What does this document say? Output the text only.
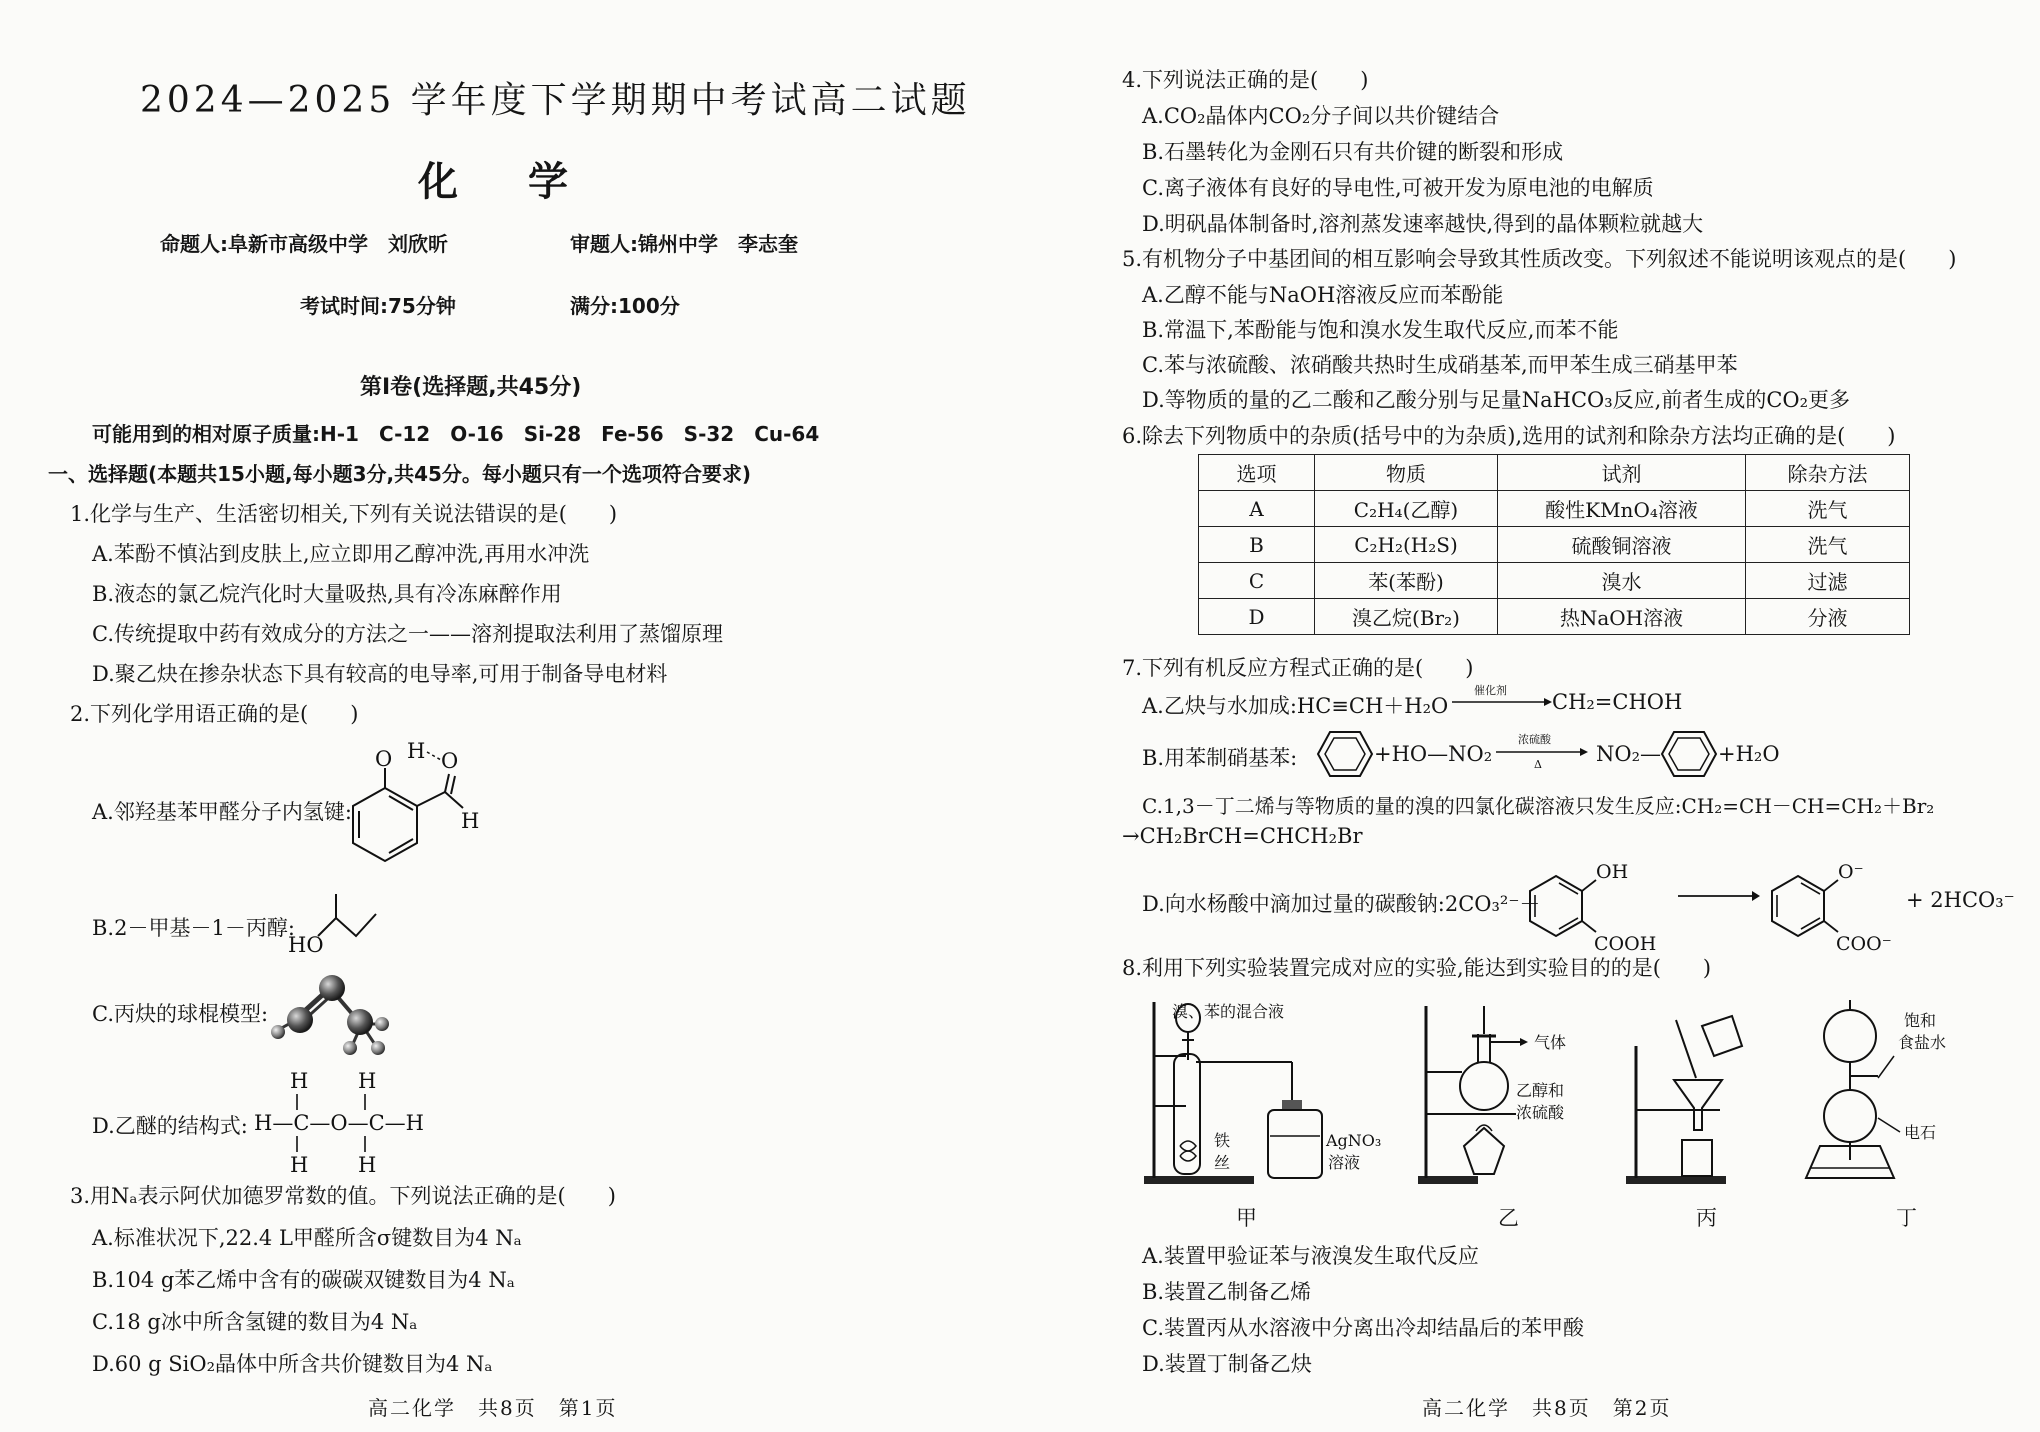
2024—2025 学年度下学期期中考试高二试题
化学
命题人:阜新市高级中学　刘欣昕	审题人:锦州中学　李志奎
考试时间:75分钟	满分:100分
第Ⅰ卷(选择题,共45分)
可能用到的相对原子质量:H-1　C-12　O-16　Si-28　Fe-56　S-32　Cu-64
一、选择题(本题共15小题,每小题3分,共45分。每小题只有一个选项符合要求)
1.化学与生产、生活密切相关,下列有关说法错误的是(　　)
A.苯酚不慎沾到皮肤上,应立即用乙醇冲洗,再用水冲洗
B.液态的氯乙烷汽化时大量吸热,具有冷冻麻醉作用
C.传统提取中药有效成分的方法之一——溶剂提取法利用了蒸馏原理
D.聚乙炔在掺杂状态下具有较高的电导率,可用于制备导电材料
2.下列化学用语正确的是(　　)
A.邻羟基苯甲醛分子内氢键:
O H O
H
B.2－甲基－1－丙醇:
HO
C.丙炔的球棍模型:
D.乙醚的结构式:
H H
H—C—O—C—H
H H
3.用Nₐ表示阿伏加德罗常数的值。下列说法正确的是(　　)
A.标准状况下,22.4 L甲醛所含σ键数目为4 Nₐ
B.104 g苯乙烯中含有的碳碳双键数目为4 Nₐ
C.18 g冰中所含氢键的数目为4 Nₐ
D.60 g SiO₂晶体中所含共价键数目为4 Nₐ
高二化学　共8页　第1页
4.下列说法正确的是(　　)
A.CO₂晶体内CO₂分子间以共价键结合
B.石墨转化为金刚石只有共价键的断裂和形成
C.离子液体有良好的导电性,可被开发为原电池的电解质
D.明矾晶体制备时,溶剂蒸发速率越快,得到的晶体颗粒就越大
5.有机物分子中基团间的相互影响会导致其性质改变。下列叙述不能说明该观点的是(　　)
A.乙醇不能与NaOH溶液反应而苯酚能
B.常温下,苯酚能与饱和溴水发生取代反应,而苯不能
C.苯与浓硫酸、浓硝酸共热时生成硝基苯,而甲苯生成三硝基甲苯
D.等物质的量的乙二酸和乙酸分别与足量NaHCO₃反应,前者生成的CO₂更多
6.除去下列物质中的杂质(括号中的为杂质),选用的试剂和除杂方法均正确的是(　　)
选项	物质	试剂	除杂方法
A	C₂H₄(乙醇)	酸性KMnO₄溶液	洗气
B	C₂H₂(H₂S)	硫酸铜溶液	洗气
C	苯(苯酚)	溴水	过滤
D	溴乙烷(Br₂)	热NaOH溶液	分液
7.下列有机反应方程式正确的是(　　)
A.乙炔与水加成:HC≡CH＋H₂O
催化剂 CH₂=CHOH
B.用苯制硝基苯:	+HO—NO₂
浓硫酸
Δ	NO₂—	+H₂O
C.1,3－丁二烯与等物质的量的溴的四氯化碳溶液只发生反应:CH₂=CH－CH=CH₂＋Br₂
→CH₂BrCH=CHCH₂Br
D.向水杨酸中滴加过量的碳酸钠:2CO₃²⁻＋
OH
COOH
O⁻
COO⁻
+ 2HCO₃⁻
8.利用下列实验装置完成对应的实验,能达到实验目的的是(　　)
溴、苯的混合液
铁
丝
AgNO₃
溶液
气体
乙醇和
浓硫酸
饱和
食盐水
电石
甲	乙	丙	丁
A.装置甲验证苯与液溴发生取代反应
B.装置乙制备乙烯
C.装置丙从水溶液中分离出冷却结晶后的苯甲酸
D.装置丁制备乙炔
高二化学　共8页　第2页
